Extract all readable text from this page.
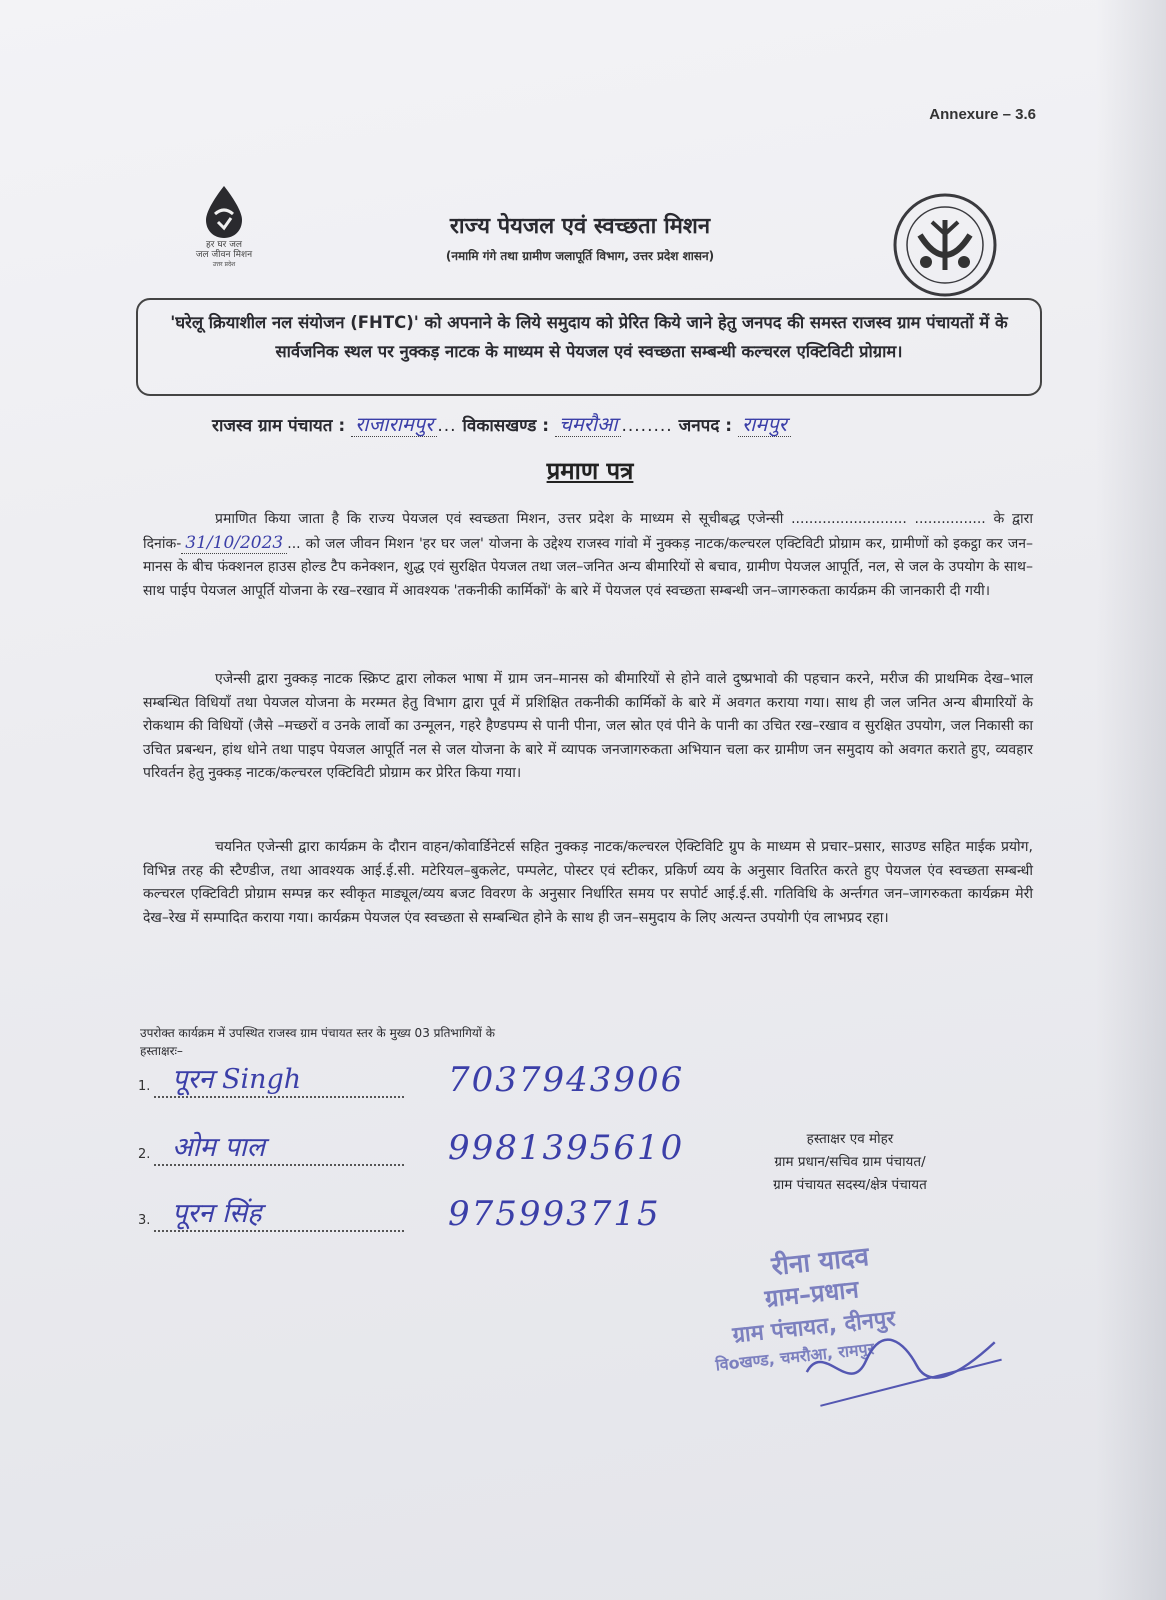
Annexure – 3.6
हर घर जल
जल जीवन मिशन
उत्तर प्रदेश
राज्य पेयजल एवं स्वच्छता मिशन
(नमामि गंगे तथा ग्रामीण जलापूर्ति विभाग, उत्तर प्रदेश शासन)
'घरेलू क्रियाशील नल संयोजन (FHTC)' को अपनाने के लिये समुदाय को प्रेरित किये जाने हेतु जनपद की समस्त राजस्व ग्राम पंचायतों में के सार्वजनिक स्थल पर नुक्कड़ नाटक के माध्यम से पेयजल एवं स्वच्छता सम्बन्धी कल्चरल एक्टिविटी प्रोग्राम।
राजस्व ग्राम पंचायत : राजारामपुर ... विकासखण्ड : चमरौआ ........ जनपद : रामपुर
प्रमाण पत्र
प्रमाणित किया जाता है कि राज्य पेयजल एवं स्वच्छता मिशन, उत्तर प्रदेश के माध्यम से सूचीबद्ध एजेन्सी .......................... ................ के द्वारा दिनांक- 31/10/2023 ... को जल जीवन मिशन 'हर घर जल' योजना के उद्देश्य राजस्व गांवो में नुक्कड़ नाटक/कल्चरल एक्टिविटी प्रोग्राम कर, ग्रामीणों को इकट्ठा कर जन–मानस के बीच फंक्शनल हाउस होल्ड टैप कनेक्शन, शुद्ध एवं सुरक्षित पेयजल तथा जल–जनित अन्य बीमारियों से बचाव, ग्रामीण पेयजल आपूर्ति, नल, से जल के उपयोग के साथ–साथ पाईप पेयजल आपूर्ति योजना के रख–रखाव में आवश्यक 'तकनीकी कार्मिकों' के बारे में पेयजल एवं स्वच्छता सम्बन्धी जन–जागरुकता कार्यक्रम की जानकारी दी गयी।
एजेन्सी द्वारा नुक्कड़ नाटक स्क्रिप्ट द्वारा लोकल भाषा में ग्राम जन–मानस को बीमारियों से होने वाले दुष्प्रभावो की पहचान करने, मरीज की प्राथमिक देख–भाल सम्बन्धित विधियाँ तथा पेयजल योजना के मरम्मत हेतु विभाग द्वारा पूर्व में प्रशिक्षित तकनीकी कार्मिकों के बारे में अवगत कराया गया। साथ ही जल जनित अन्य बीमारियों के रोकथाम की विधियों (जैसे –मच्छरों व उनके लार्वो का उन्मूलन, गहरे हैण्डपम्प से पानी पीना, जल स्रोत एवं पीने के पानी का उचित रख–रखाव व सुरक्षित उपयोग, जल निकासी का उचित प्रबन्धन, हांथ धोने तथा पाइप पेयजल आपूर्ति नल से जल योजना के बारे में व्यापक जनजागरुकता अभियान चला कर ग्रामीण जन समुदाय को अवगत कराते हुए, व्यवहार परिवर्तन हेतु नुक्कड़ नाटक/कल्चरल एक्टिविटी प्रोग्राम कर प्रेरित किया गया।
चयनित एजेन्सी द्वारा कार्यक्रम के दौरान वाहन/कोवार्डिनेटर्स सहित नुक्कड़ नाटक/कल्चरल ऐक्टिविटि ग्रुप के माध्यम से प्रचार–प्रसार, साउण्ड सहित माईक प्रयोग, विभिन्न तरह की स्टैण्डीज, तथा आवश्यक आई.ई.सी. मटेरियल–बुकलेट, पम्पलेट, पोस्टर एवं स्टीकर, प्रकिर्ण व्यय के अनुसार वितरित करते हुए पेयजल एंव स्वच्छता सम्बन्धी कल्चरल एक्टिविटी प्रोग्राम सम्पन्न कर स्वीकृत माड्यूल/व्यय बजट विवरण के अनुसार निर्धारित समय पर सपोर्ट आई.ई.सी. गतिविधि के अर्न्तगत जन–जागरुकता कार्यक्रम मेरी देख–रेख में सम्पादित कराया गया। कार्यक्रम पेयजल एंव स्वच्छता से सम्बन्धित होने के साथ ही जन–समुदाय के लिए अत्यन्त उपयोगी एंव लाभप्रद रहा।
उपरोक्त कार्यक्रम में उपस्थित राजस्व ग्राम पंचायत स्तर के मुख्य 03 प्रतिभागियों के
हस्ताक्षरः–
1. पूरन Singh	7037943906
2. ओम पाल	9981395610
3. पूरन सिंह	975993715
हस्ताक्षर एव मोहर
ग्राम प्रधान/सचिव ग्राम पंचायत/
ग्राम पंचायत सदस्य/क्षेत्र पंचायत
रीना यादव
ग्राम–प्रधान
ग्राम पंचायत, दीनपुर
विoखण्ड, चमरौआ, रामपुर
